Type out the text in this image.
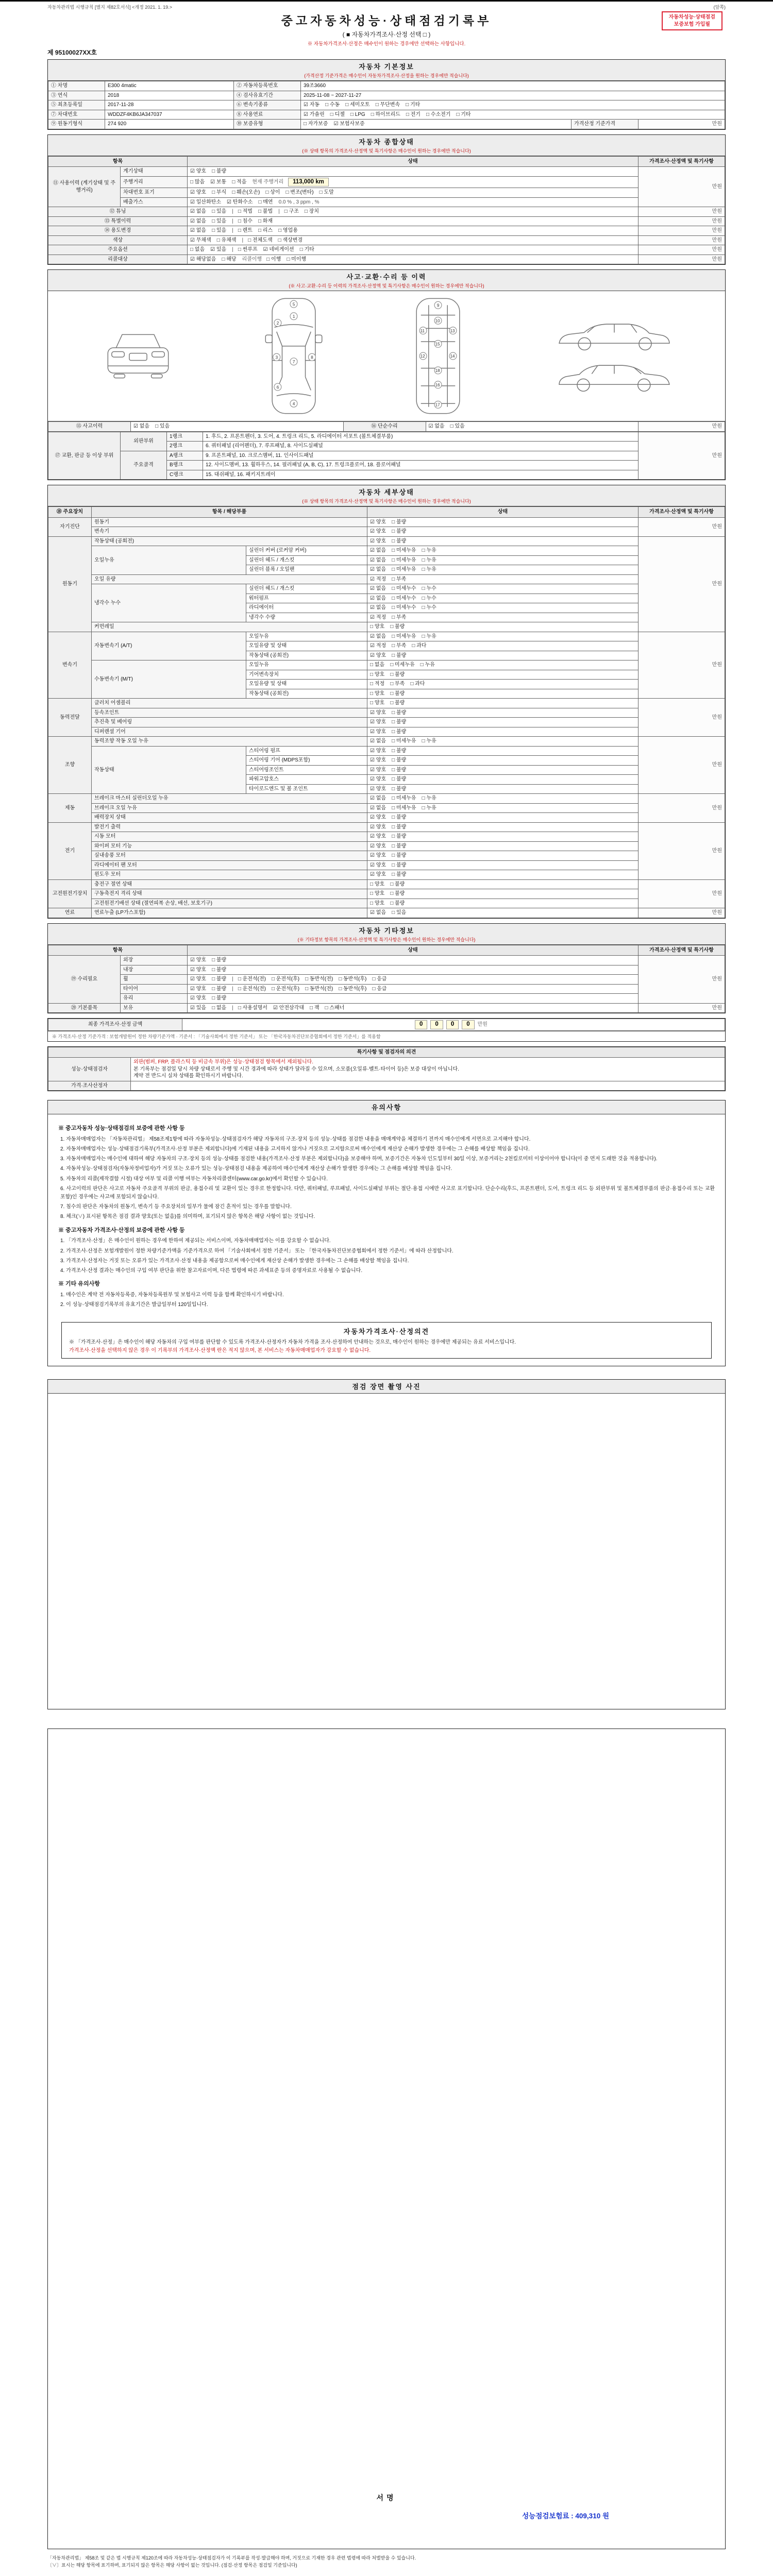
자동차관리법 시행규칙 [별지 제82호서식] <개정 2021. 1. 19.>	(앞쪽)
자동차성능·상태점검
보증보험 가입필
중고자동차성능·상태점검기록부
( ■ 자동차가격조사·산정 선택 □ )
※ 자동차가격조사·산정은 매수인이 원하는 경우에만 선택하는 사항입니다.
제 95100027XX호
자동차 기본정보
(가격산정 기준가격은 매수인이 자동차가격조사·산정을 원하는 경우에만 적습니다)
① 차명	E300 4matic	② 자동차등록번호	39조3660		
③ 연식	2018	④ 검사유효기간	2025-11-08 ~ 2027-11-27		
⑤ 최초등록일	2017-11-28	⑥ 변속기종류	☑ 자동 □ 수동 □ 세미오토 □ 무단변속 □ 기타		
⑦ 차대번호	WDDZF4KB6JA347037	⑧ 사용연료	☑ 가솔린 □ 디젤 □ LPG □ 하이브리드 □ 전기 □ 수소전기 □ 기타		
⑨ 원동기형식	274 920	⑩ 보증유형	□ 자가보증 ☑ 보험사보증	가격산정 기준가격	만원
자동차 종합상태
(※ 상태 항목의 가격조사·산정액 및 특기사항은 매수인이 원하는 경우에만 적습니다)
항목		상태	가격조사·산정액 및 특기사항
⑪ 사용이력 (계기상태 및 주행거리)	계기상태	☑ 양호 □ 불량	만원
	주행거리	□ 많음 ☑ 보통 □ 적음 현재 주행거리 113,000 km	
	차대번호 표기	☑ 양호 □ 부식 □ 훼손(오손) □ 상이 □ 변조(변타) □ 도말	
	배출가스	☑ 일산화탄소 ☑ 탄화수소 □ 매연 0.0 % , 3 ppm , %	
⑫ 튜닝		☑ 없음 □ 있음 | □ 적법 □ 불법 | □ 구조 □ 장치	만원
⑬ 특별이력		☑ 없음 □ 있음 | □ 침수 □ 화재	만원
⑭ 용도변경		☑ 없음 □ 있음 | □ 렌트 □ 리스 □ 영업용	만원
색상		☑ 무채색 □ 유채색 | □ 전체도색 □ 색상변경	만원
주요옵션		□ 없음 ☑ 있음 | □ 썬루프 ☑ 네비게이션 □ 기타	만원
리콜대상		☑ 해당없음 □ 해당 리콜이행 □ 이행 □ 미이행	만원
사고·교환·수리 등 이력
(※ 사고·교환·수리 등 이력의 가격조사·산정액 및 특기사항은 매수인이 원하는 경우에만 적습니다)
5
1
2
3
7
8
6
4
9
10
11	13
15
12	14
18
16
17
⑮ 사고이력	☑ 없음 □ 있음	⑯ 단순수리	☑ 없음 □ 있음	만원
⑰ 교환, 판금 등 이상 부위	외판부위	1랭크	1. 후드, 2. 프론트펜더, 3. 도어, 4. 트렁크 리드, 5. 라디에이터 서포트 (볼트체결부품)	만원
		2랭크	6. 쿼터패널 (리어펜더), 7. 루프패널, 8. 사이드실패널	
	주요골격	A랭크	9. 프론트패널, 10. 크로스멤버, 11. 인사이드패널	
		B랭크	12. 사이드멤버, 13. 휠하우스, 14. 필러패널 (A, B, C), 17. 트렁크플로어, 18. 플로어패널	
		C랭크	15. 대쉬패널, 16. 패키지트레이	
자동차 세부상태
(※ 상태 항목의 가격조사·산정액 및 특기사항은 매수인이 원하는 경우에만 적습니다)
⑱ 주요장치	항목 / 해당부품		상태	가격조사·산정액 및 특기사항
자기진단	원동기		☑ 양호 □ 불량	만원
	변속기		☑ 양호 □ 불량	
원동기	작동상태 (공회전)		☑ 양호 □ 불량	만원
	오일누유	실린더 커버 (로커암 커버)	☑ 없음 □ 미세누유 □ 누유	
		실린더 헤드 / 개스킷	☑ 없음 □ 미세누유 □ 누유	
		실린더 블록 / 오일팬	☑ 없음 □ 미세누유 □ 누유	
	오일 유량		☑ 적정 □ 부족	
	냉각수 누수	실린더 헤드 / 개스킷	☑ 없음 □ 미세누수 □ 누수	
		워터펌프	☑ 없음 □ 미세누수 □ 누수	
		라디에이터	☑ 없음 □ 미세누수 □ 누수	
		냉각수 수량	☑ 적정 □ 부족	
	커먼레일		□ 양호 □ 불량	
변속기	자동변속기 (A/T)	오일누유	☑ 없음 □ 미세누유 □ 누유	만원
		오일유량 및 상태	☑ 적정 □ 부족 □ 과다	
		작동상태 (공회전)	☑ 양호 □ 불량	
	수동변속기 (M/T)	오일누유	□ 없음 □ 미세누유 □ 누유	
		기어변속장치	□ 양호 □ 불량	
		오일유량 및 상태	□ 적정 □ 부족 □ 과다	
		작동상태 (공회전)	□ 양호 □ 불량	
동력전달	클러치 어셈블리		□ 양호 □ 불량	만원
	등속조인트		☑ 양호 □ 불량	
	추진축 및 베어링		☑ 양호 □ 불량	
	디퍼렌셜 기어		☑ 양호 □ 불량	
조향	동력조향 작동 오일 누유		☑ 없음 □ 미세누유 □ 누유	만원
	작동상태	스티어링 펌프	☑ 양호 □ 불량	
		스티어링 기어 (MDPS포함)	☑ 양호 □ 불량	
		스티어링조인트	☑ 양호 □ 불량	
		파워고압호스	☑ 양호 □ 불량	
		타이로드엔드 및 볼 조인트	☑ 양호 □ 불량	
제동	브레이크 마스터 실린더오일 누유		☑ 없음 □ 미세누유 □ 누유	만원
	브레이크 오일 누유		☑ 없음 □ 미세누유 □ 누유	
	배력장치 상태		☑ 양호 □ 불량	
전기	발전기 출력		☑ 양호 □ 불량	만원
	시동 모터		☑ 양호 □ 불량	
	와이퍼 모터 기능		☑ 양호 □ 불량	
	실내송풍 모터		☑ 양호 □ 불량	
	라디에이터 팬 모터		☑ 양호 □ 불량	
	윈도우 모터		☑ 양호 □ 불량	
고전원전기장치	충전구 절연 상태		□ 양호 □ 불량	만원
	구동축전지 격리 상태		□ 양호 □ 불량	
	고전원전기배선 상태 (절연피복 손상, 배선, 보호기구)		□ 양호 □ 불량	
연료	연료누출 (LP가스포함)		☑ 없음 □ 있음	만원
자동차 기타정보
(※ 기타정보 항목의 가격조사·산정액 및 특기사항은 매수인이 원하는 경우에만 적습니다)
항목		상태	가격조사·산정액 및 특기사항
⑲ 수리필요	외장	☑ 양호 □ 불량	만원
	내장	☑ 양호 □ 불량	
	휠	☑ 양호 □ 불량 | □ 운전석(전) □ 운전석(후) □ 동반석(전) □ 동반석(후) □ 응급	
	타이어	☑ 양호 □ 불량 | □ 운전석(전) □ 운전석(후) □ 동반석(전) □ 동반석(후) □ 응급	
	유리	☑ 양호 □ 불량	
⑳ 기본품목	보유	☑ 있음 □ 없음 | □ 사용설명서 ☑ 안전삼각대 □ 잭 □ 스패너	만원
최종 가격조사·산정 금액	0 0 0 0 만원
※ 가격조사·산정 기준가격 : 보험개발원이 정한 차량기준가액 · 기준서 : 「기술사회에서 정한 기준서」 또는 「한국자동차진단보증협회에서 정한 기준서」를 적용함
특기사항 및 점검자의 의견	
성능·상태점검자	외판(범퍼, FRP, 플라스틱 등 비금속 부위)은 성능·상태점검 항목에서 제외됩니다.
본 기록부는 점검일 당시 차량 상태로서 주행 및 시간 경과에 따라 상태가 달라질 수 있으며, 소모품(오일류·벨트·타이어 등)은 보증 대상이 아닙니다.
계약 전 반드시 실차 상태를 확인하시기 바랍니다.

가격·조사산정자	
유의사항
※ 중고자동차 성능·상태점검의 보증에 관한 사항 등
1. 자동차매매업자는 「자동차관리법」 제58조제1항에 따라 자동차성능·상태점검자가 해당 자동차의 구조·장치 등의 성능·상태를 점검한 내용을 매매계약을 체결하기 전까지 매수인에게 서면으로 고지해야 합니다.
2. 자동차매매업자는 성능·상태점검기록부(가격조사·산정 부분은 제외합니다)에 기재된 내용을 고지하지 않거나 거짓으로 고지함으로써 매수인에게 재산상 손해가 발생한 경우에는 그 손해를 배상할 책임을 집니다.
3. 자동차매매업자는 매수인에 대하여 해당 자동차의 구조·장치 등의 성능·상태를 점검한 내용(가격조사·산정 부분은 제외합니다)을 보증해야 하며, 보증기간은 자동차 인도일부터 30일 이상, 보증거리는 2천킬로미터 이상이어야 합니다(이 중 먼저 도래한 것을 적용합니다).
4. 자동차성능·상태점검자(자동차정비업자)가 거짓 또는 오류가 있는 성능·상태점검 내용을 제공하여 매수인에게 재산상 손해가 발생한 경우에는 그 손해를 배상할 책임을 집니다.
5. 자동차의 리콜(제작결함 시정) 대상 여부 및 리콜 이행 여부는 자동차리콜센터(www.car.go.kr)에서 확인할 수 있습니다.
6. 사고이력의 판단은 사고로 자동차 주요골격 부위의 판금, 용접수리 및 교환이 있는 경우로 한정합니다. 다만, 쿼터패널, 루프패널, 사이드실패널 부위는 절단·용접 시에만 사고로 표기합니다. 단순수리(후드, 프론트펜더, 도어, 트렁크 리드 등 외판부위 및 볼트체결부품의 판금·용접수리 또는 교환 포함)인 경우에는 사고에 포함되지 않습니다.
7. 침수의 판단은 자동차의 원동기, 변속기 등 주요장치의 일부가 물에 잠긴 흔적이 있는 경우를 말합니다.
8. 체크(∨) 표시된 항목은 점검 결과 양호(또는 없음)를 의미하며, 표기되지 않은 항목은 해당 사항이 없는 것입니다.
※ 중고자동차 가격조사·산정의 보증에 관한 사항 등
1. 「가격조사·산정」은 매수인이 원하는 경우에 한하여 제공되는 서비스이며, 자동차매매업자는 이를 강요할 수 없습니다.
2. 가격조사·산정은 보험개발원이 정한 차량기준가액을 기준가격으로 하여 「기술사회에서 정한 기준서」 또는 「한국자동차진단보증협회에서 정한 기준서」에 따라 산정합니다.
3. 가격조사·산정자는 거짓 또는 오류가 있는 가격조사·산정 내용을 제공함으로써 매수인에게 재산상 손해가 발생한 경우에는 그 손해를 배상할 책임을 집니다.
4. 가격조사·산정 결과는 매수인의 구입 여부 판단을 위한 참고자료이며, 다른 법령에 따른 과세표준 등의 증명자료로 사용될 수 없습니다.
※ 기타 유의사항
1. 매수인은 계약 전 자동차등록증, 자동차등록원부 및 보험사고 이력 등을 함께 확인하시기 바랍니다.
2. 이 성능·상태점검기록부의 유효기간은 발급일부터 120일입니다.
자동차가격조사·산정의견
※ 「가격조사·산정」은 매수인이 해당 자동차의 구입 여부를 판단할 수 있도록 가격조사·산정자가 자동차 가격을 조사·산정하여 안내하는 것으로, 매수인이 원하는 경우에만 제공되는 유료 서비스입니다.
가격조사·산정을 선택하지 않은 경우 이 기록부의 가격조사·산정액 란은 적지 않으며, 본 서비스는 자동차매매업자가 강요할 수 없습니다.
점검 장면 촬영 사진
서명
성능점검보험료 : 409,310 원
「자동차관리법」 제58조 및 같은 법 시행규칙 제120조에 따라 자동차성능·상태점검자가 이 기록부를 작성·발급해야 하며, 거짓으로 기재한 경우 관련 법령에 따라 처벌받을 수 있습니다.
〔∨〕표시는 해당 항목에 표기하며, 표기되지 않은 항목은 해당 사항이 없는 것입니다. (점검·산정 항목은 점검일 기준입니다)
